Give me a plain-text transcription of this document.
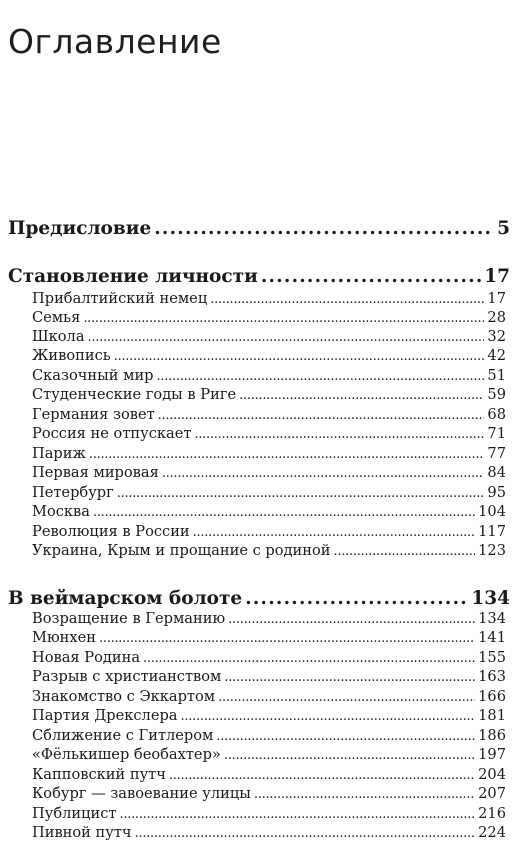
Оглавление
Предисловие . . .	5
Становление личности . . .	17
Прибалтийский немец . . .	17
Семья . . .	28
Школа . . .	32
Живопись . . .	42
Сказочный мир . . .	51
Студенческие годы в Риге . . .	59
Германия зовет . . .	68
Россия не отпускает . . .	71
Париж . . .	77
Первая мировая . . .	84
Петербург . . .	95
Москва . . .	104
Революция в России . . .	117
Украина, Крым и прощание с родиной . . .	123
В веймарском болоте . . .	134
Возращение в Германию . . .	134
Мюнхен . . .	141
Новая Родина . . .	155
Разрыв с христианством . . .	163
Знакомство с Эккартом . . .	166
Партия Дрекслера . . .	181
Сближение с Гитлером . . .	186
«Фёлькишер беобахтер» . . .	197
Капповский путч . . .	204
Кобург — завоевание улицы . . .	207
Публицист . . .	216
Пивной путч . . .	224
